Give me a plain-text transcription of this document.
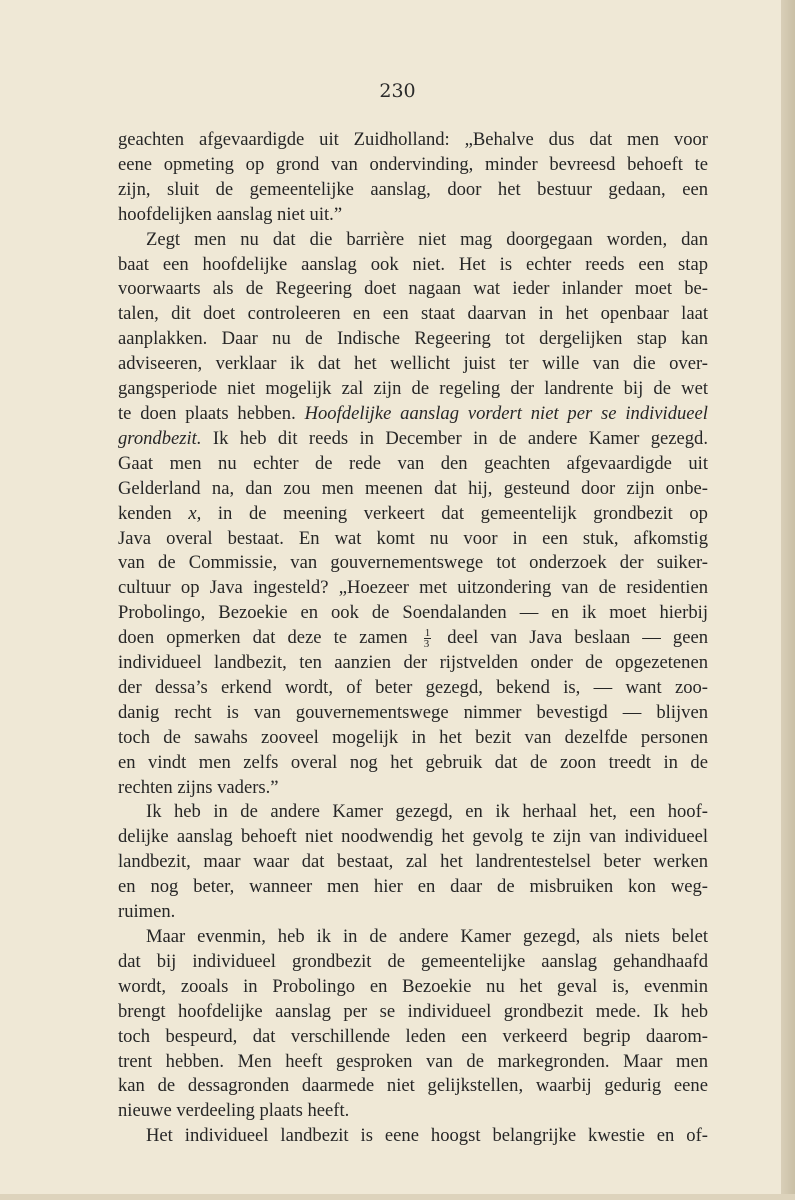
230
geachten afgevaardigde uit Zuidholland: „Behalve dus dat men voor
eene opmeting op grond van ondervinding, minder bevreesd behoeft te
zijn, sluit de gemeentelijke aanslag, door het bestuur gedaan, een
hoofdelijken aanslag niet uit.”
Zegt men nu dat die barrière niet mag doorgegaan worden, dan
baat een hoofdelijke aanslag ook niet. Het is echter reeds een stap
voorwaarts als de Regeering doet nagaan wat ieder inlander moet be-
talen, dit doet controleeren en een staat daarvan in het openbaar laat
aanplakken. Daar nu de Indische Regeering tot dergelijken stap kan
adviseeren, verklaar ik dat het wellicht juist ter wille van die over-
gangsperiode niet mogelijk zal zijn de regeling der landrente bij de wet
te doen plaats hebben. Hoofdelijke aanslag vordert niet per se individueel
grondbezit. Ik heb dit reeds in December in de andere Kamer gezegd.
Gaat men nu echter de rede van den geachten afgevaardigde uit
Gelderland na, dan zou men meenen dat hij, gesteund door zijn onbe-
kenden x, in de meening verkeert dat gemeentelijk grondbezit op
Java overal bestaat. En wat komt nu voor in een stuk, afkomstig
van de Commissie, van gouvernementswege tot onderzoek der suiker-
cultuur op Java ingesteld? „Hoezeer met uitzondering van de residentien
Probolingo, Bezoekie en ook de Soendalanden — en ik moet hierbij
doen opmerken dat deze te zamen $\frac{1}{3}$ deel van Java beslaan — geen
individueel landbezit, ten aanzien der rijstvelden onder de opgezetenen
der dessa’s erkend wordt, of beter gezegd, bekend is, — want zoo-
danig recht is van gouvernementswege nimmer bevestigd — blijven
toch de sawahs zooveel mogelijk in het bezit van dezelfde personen
en vindt men zelfs overal nog het gebruik dat de zoon treedt in de
rechten zijns vaders.”
Ik heb in de andere Kamer gezegd, en ik herhaal het, een hoof-
delijke aanslag behoeft niet noodwendig het gevolg te zijn van individueel
landbezit, maar waar dat bestaat, zal het landrentestelsel beter werken
en nog beter, wanneer men hier en daar de misbruiken kon weg-
ruimen.
Maar evenmin, heb ik in de andere Kamer gezegd, als niets belet
dat bij individueel grondbezit de gemeentelijke aanslag gehandhaafd
wordt, zooals in Probolingo en Bezoekie nu het geval is, evenmin
brengt hoofdelijke aanslag per se individueel grondbezit mede. Ik heb
toch bespeurd, dat verschillende leden een verkeerd begrip daarom-
trent hebben. Men heeft gesproken van de markegronden. Maar men
kan de dessagronden daarmede niet gelijkstellen, waarbij gedurig eene
nieuwe verdeeling plaats heeft.
Het individueel landbezit is eene hoogst belangrijke kwestie en of-
